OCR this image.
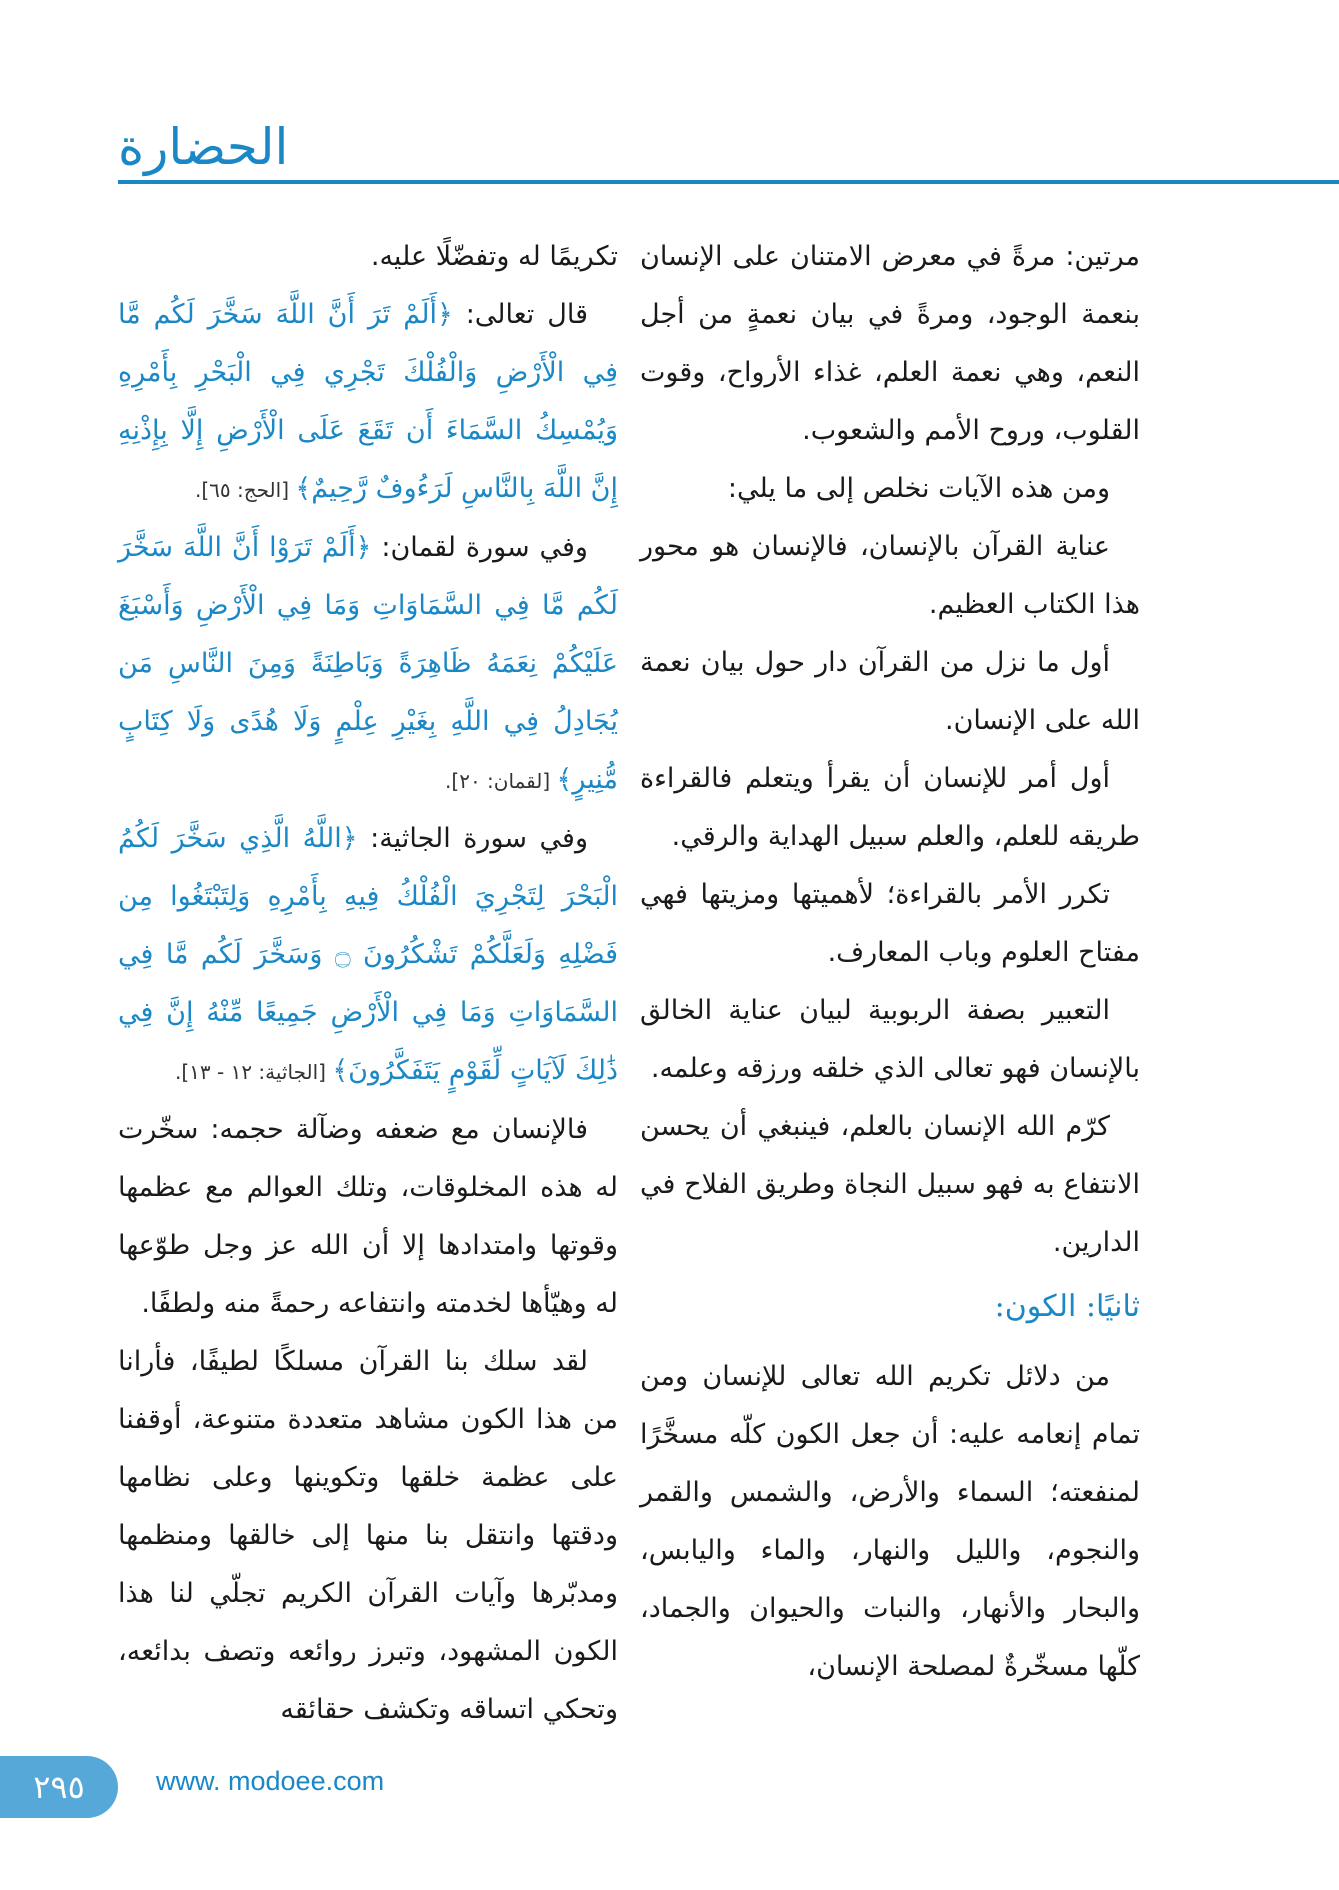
الحضارة

مرتين: مرةً في معرض الامتنان على الإنسان بنعمة الوجود، ومرةً في بيان نعمةٍ من أجل النعم، وهي نعمة العلم، غذاء الأرواح، وقوت القلوب، وروح الأمم والشعوب.

ومن هذه الآيات نخلص إلى ما يلي:

عناية القرآن بالإنسان، فالإنسان هو محور هذا الكتاب العظيم.

أول ما نزل من القرآن دار حول بيان نعمة الله على الإنسان.

أول أمر للإنسان أن يقرأ ويتعلم فالقراءة طريقه للعلم، والعلم سبيل الهداية والرقي.

تكرر الأمر بالقراءة؛ لأهميتها ومزيتها فهي مفتاح العلوم وباب المعارف.

التعبير بصفة الربوبية لبيان عناية الخالق بالإنسان فهو تعالى الذي خلقه ورزقه وعلمه.

كرّم الله الإنسان بالعلم، فينبغي أن يحسن الانتفاع به فهو سبيل النجاة وطريق الفلاح في الدارين.

ثانيًا: الكون:

من دلائل تكريم الله تعالى للإنسان ومن تمام إنعامه عليه: أن جعل الكون كلّه مسخَّرًا لمنفعته؛ السماء والأرض، والشمس والقمر والنجوم، والليل والنهار، والماء واليابس، والبحار والأنهار، والنبات والحيوان والجماد، كلّها مسخّرةٌ لمصلحة الإنسان،

تكريمًا له وتفضّلًا عليه.

قال تعالى: ﴿أَلَمْ تَرَ أَنَّ اللَّهَ سَخَّرَ لَكُم مَّا فِي الْأَرْضِ وَالْفُلْكَ تَجْرِي فِي الْبَحْرِ بِأَمْرِهِ وَيُمْسِكُ السَّمَاءَ أَن تَقَعَ عَلَى الْأَرْضِ إِلَّا بِإِذْنِهِ إِنَّ اللَّهَ بِالنَّاسِ لَرَءُوفٌ رَّحِيمٌ﴾ [الحج: ٦٥].

وفي سورة لقمان: ﴿أَلَمْ تَرَوْا أَنَّ اللَّهَ سَخَّرَ لَكُم مَّا فِي السَّمَاوَاتِ وَمَا فِي الْأَرْضِ وَأَسْبَغَ عَلَيْكُمْ نِعَمَهُ ظَاهِرَةً وَبَاطِنَةً وَمِنَ النَّاسِ مَن يُجَادِلُ فِي اللَّهِ بِغَيْرِ عِلْمٍ وَلَا هُدًى وَلَا كِتَابٍ مُّنِيرٍ﴾ [لقمان: ٢٠].

وفي سورة الجاثية: ﴿اللَّهُ الَّذِي سَخَّرَ لَكُمُ الْبَحْرَ لِتَجْرِيَ الْفُلْكُ فِيهِ بِأَمْرِهِ وَلِتَبْتَغُوا مِن فَضْلِهِ وَلَعَلَّكُمْ تَشْكُرُونَ ۝ وَسَخَّرَ لَكُم مَّا فِي السَّمَاوَاتِ وَمَا فِي الْأَرْضِ جَمِيعًا مِّنْهُ إِنَّ فِي ذَٰلِكَ لَآيَاتٍ لِّقَوْمٍ يَتَفَكَّرُونَ﴾ [الجاثية: ١٢ - ١٣].

فالإنسان مع ضعفه وضآلة حجمه: سخّرت له هذه المخلوقات، وتلك العوالم مع عظمها وقوتها وامتدادها إلا أن الله عز وجل طوّعها له وهيّأها لخدمته وانتفاعه رحمةً منه ولطفًا.

لقد سلك بنا القرآن مسلكًا لطيفًا، فأرانا من هذا الكون مشاهد متعددة متنوعة، أوقفنا على عظمة خلقها وتكوينها وعلى نظامها ودقتها وانتقل بنا منها إلى خالقها ومنظمها ومدبّرها وآيات القرآن الكريم تجلّي لنا هذا الكون المشهود، وتبرز روائعه وتصف بدائعه، وتحكي اتساقه وتكشف حقائقه

٢٩٥	www. modoee.com
